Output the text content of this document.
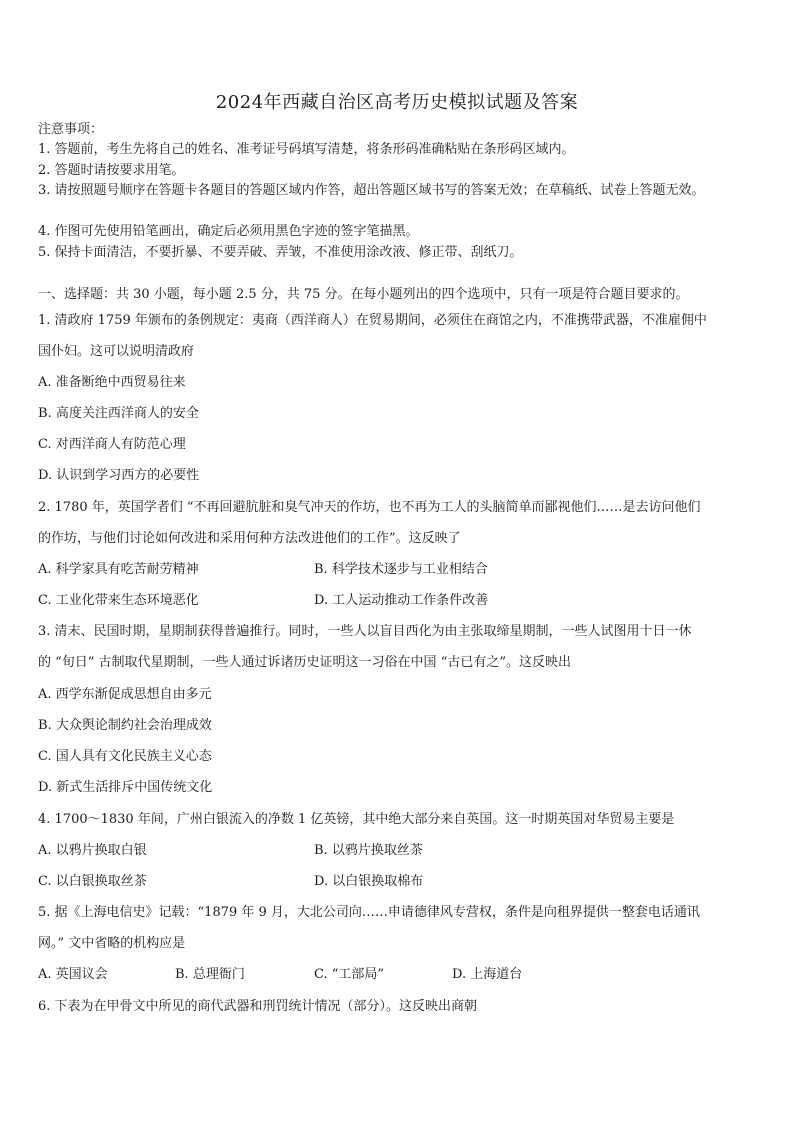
2024年西藏自治区高考历史模拟试题及答案
注意事项：
1. 答题前，考生先将自己的姓名、准考证号码填写清楚，将条形码准确粘贴在条形码区域内。
2. 答题时请按要求用笔。
3. 请按照题号顺序在答题卡各题目的答题区域内作答，超出答题区域书写的答案无效；在草稿纸、试卷上答题无效。
4. 作图可先使用铅笔画出，确定后必须用黑色字迹的签字笔描黑。
5. 保持卡面清洁，不要折暴、不要弄破、弄皱，不准使用涂改液、修正带、刮纸刀。
一、选择题：共 30 小题，每小题 2.5 分，共 75 分。在每小题列出的四个选项中，只有一项是符合题目要求的。
1. 清政府 1759 年颁布的条例规定：夷商（西洋商人）在贸易期间，必须住在商馆之内，不准携带武器，不准雇佣中
国仆妇。这可以说明清政府
A. 准备断绝中西贸易往来
B. 高度关注西洋商人的安全
C. 对西洋商人有防范心理
D. 认识到学习西方的必要性
2. 1780 年，英国学者们 “不再回避肮脏和臭气冲天的作坊，也不再为工人的头脑简单而鄙视他们……是去访问他们
的作坊，与他们讨论如何改进和采用何种方法改进他们的工作”。这反映了
A. 科学家具有吃苦耐劳精神	B. 科学技术逐步与工业相结合
C. 工业化带来生态环境恶化	D. 工人运动推动工作条件改善
3. 清末、民国时期，星期制获得普遍推行。同时，一些人以盲目西化为由主张取缔星期制，一些人试图用十日一休
的 “旬日” 古制取代星期制，一些人通过诉诸历史证明这一习俗在中国 “古已有之”。这反映出
A. 西学东渐促成思想自由多元
B. 大众舆论制约社会治理成效
C. 国人具有文化民族主义心态
D. 新式生活排斥中国传统文化
4. 1700～1830 年间，广州白银流入的净数 1 亿英镑，其中绝大部分来自英国。这一时期英国对华贸易主要是
A. 以鸦片换取白银	B. 以鸦片换取丝茶
C. 以白银换取丝茶	D. 以白银换取棉布
5. 据《上海电信史》记载：“1879 年 9 月，大北公司向……申请德律风专营权，条件是向租界提供一整套电话通讯
网。” 文中省略的机构应是
A. 英国议会	B. 总理衙门	C. “工部局”	D. 上海道台
6. 下表为在甲骨文中所见的商代武器和刑罚统计情况（部分）。这反映出商朝
